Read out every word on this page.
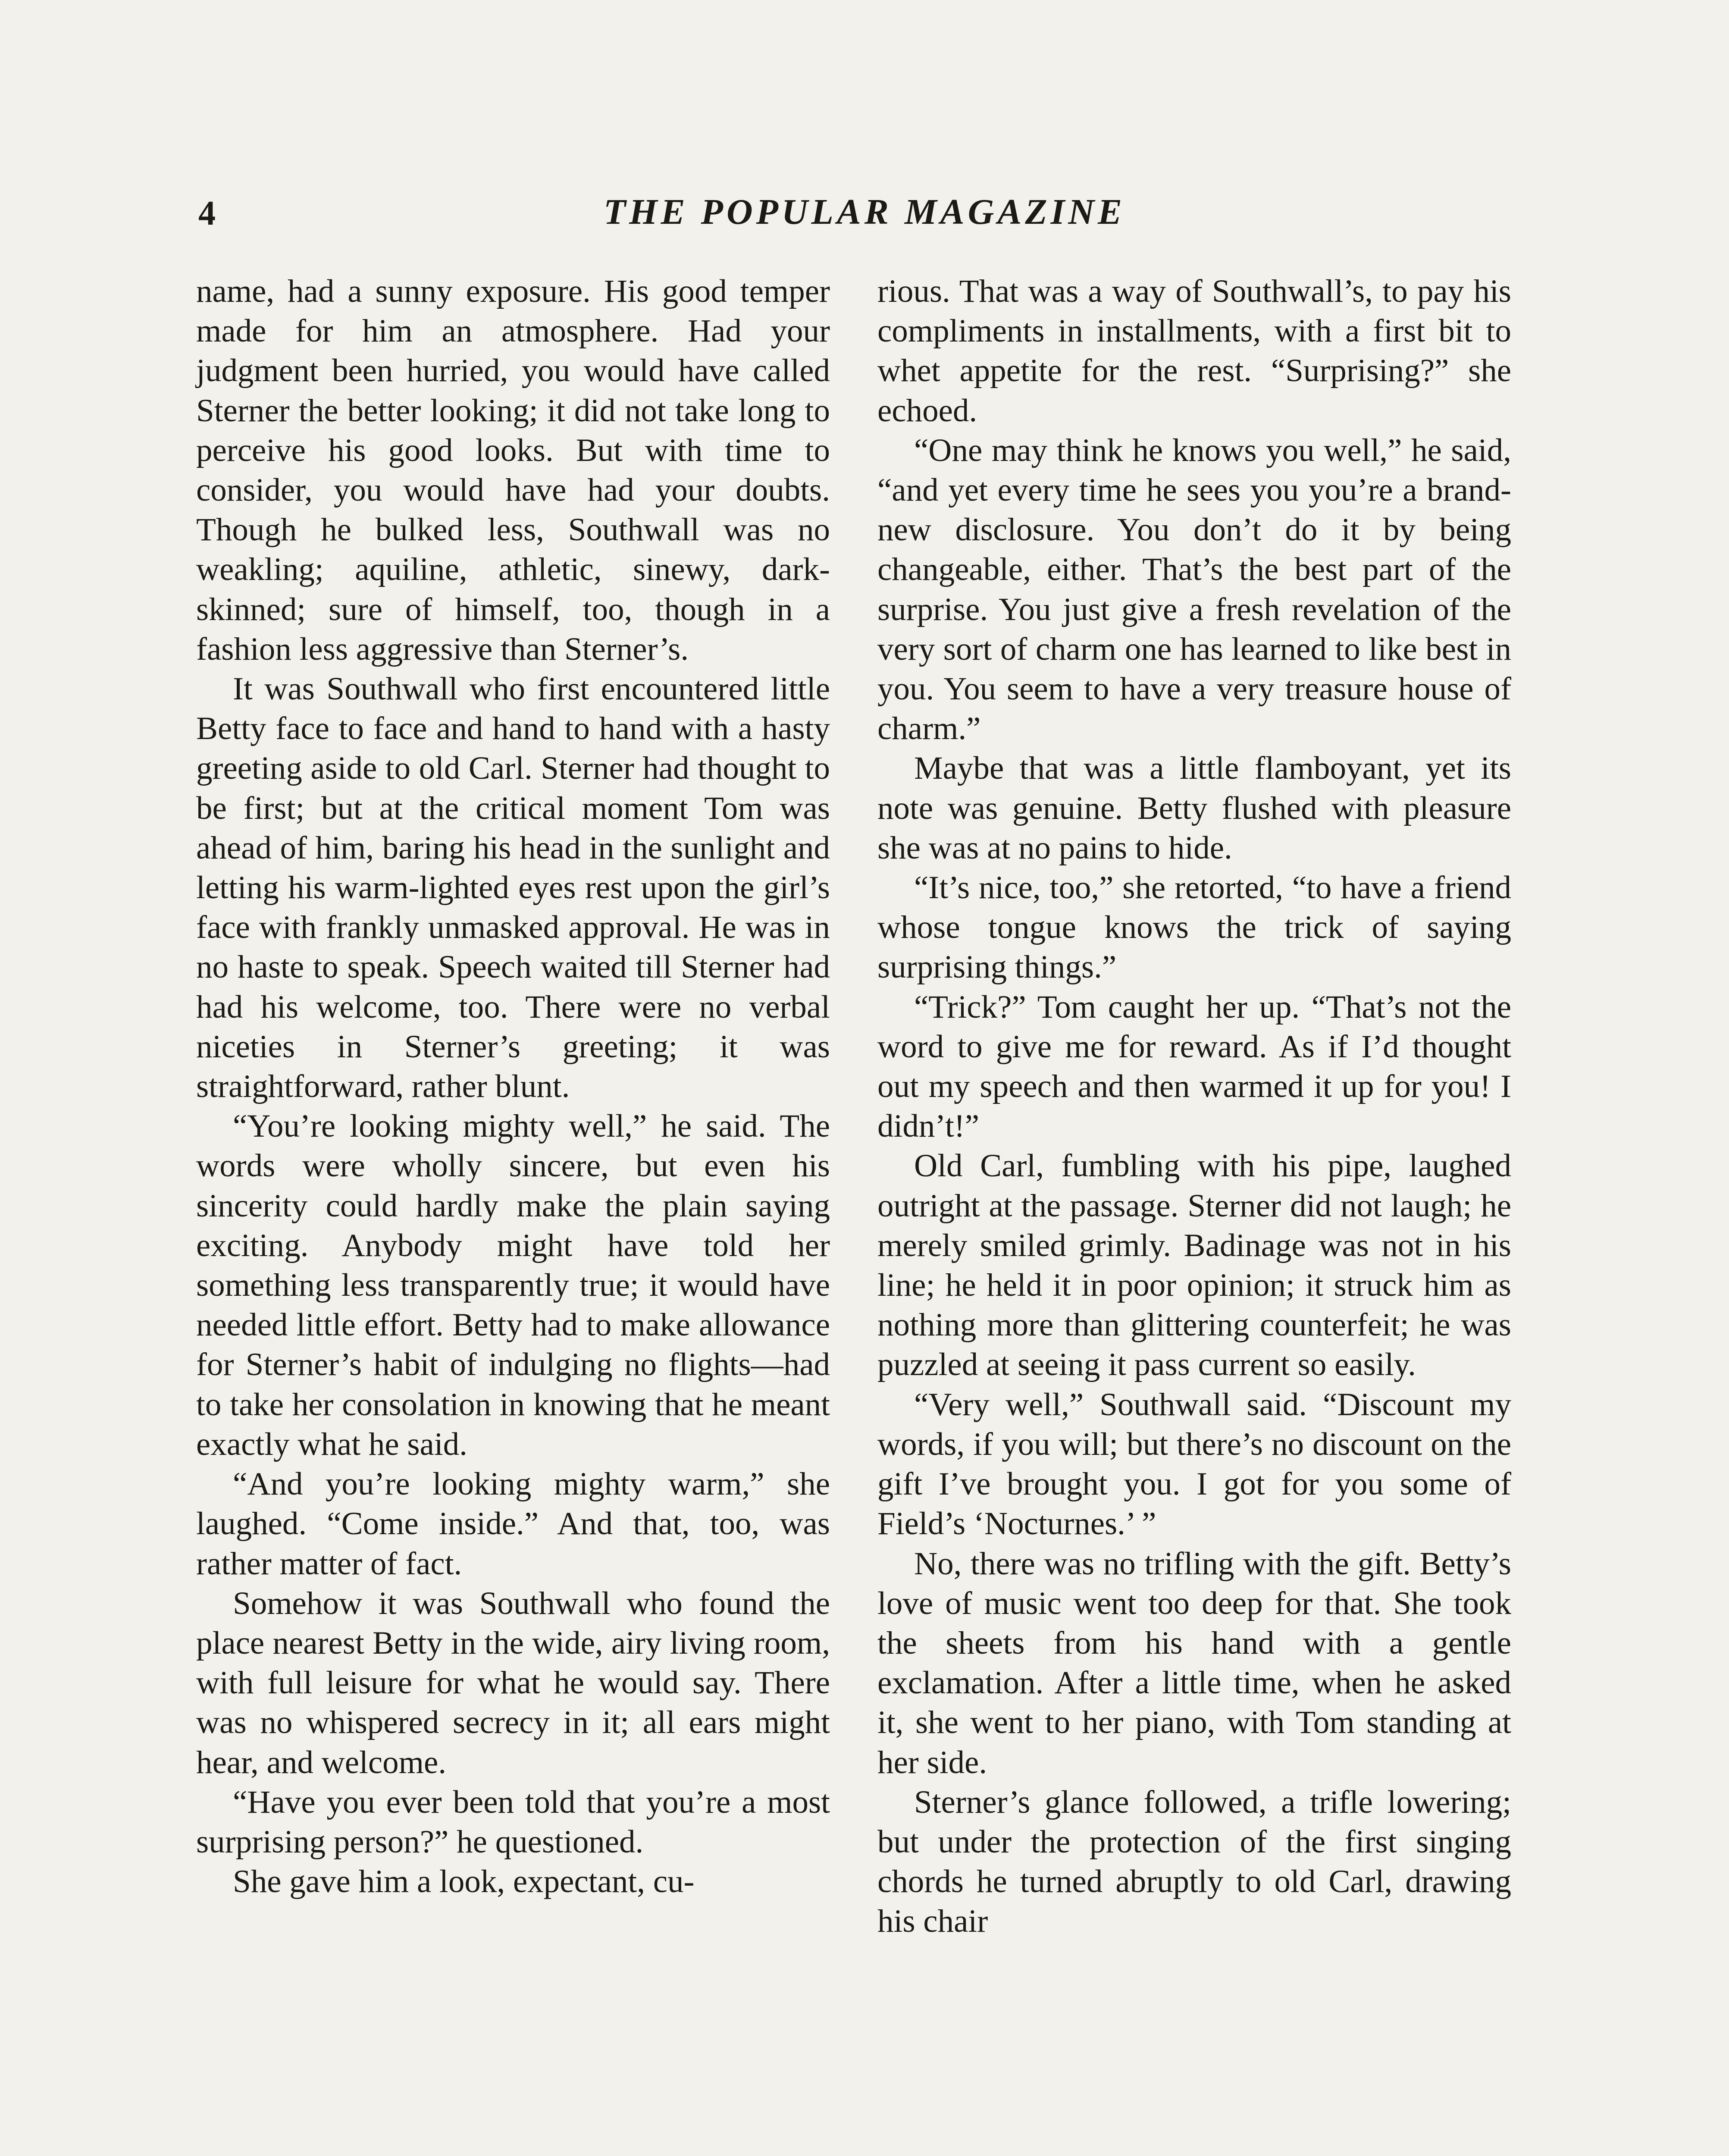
4	THE POPULAR MAGAZINE

name, had a sunny exposure. His good temper made for him an atmosphere. Had your judgment been hurried, you would have called Sterner the better looking; it did not take long to perceive his good looks. But with time to consider, you would have had your doubts. Though he bulked less, Southwall was no weakling; aquiline, athletic, sinewy, dark-skinned; sure of himself, too, though in a fashion less aggressive than Sterner’s.

It was Southwall who first encountered little Betty face to face and hand to hand with a hasty greeting aside to old Carl. Sterner had thought to be first; but at the critical moment Tom was ahead of him, baring his head in the sunlight and letting his warm-lighted eyes rest upon the girl’s face with frankly unmasked approval. He was in no haste to speak. Speech waited till Sterner had had his welcome, too. There were no verbal niceties in Sterner’s greeting; it was straightforward, rather blunt.

“You’re looking mighty well,” he said. The words were wholly sincere, but even his sincerity could hardly make the plain saying exciting. Anybody might have told her something less transparently true; it would have needed little effort. Betty had to make allowance for Sterner’s habit of indulging no flights—had to take her consolation in knowing that he meant exactly what he said.

“And you’re looking mighty warm,” she laughed. “Come inside.” And that, too, was rather matter of fact.

Somehow it was Southwall who found the place nearest Betty in the wide, airy living room, with full leisure for what he would say. There was no whispered secrecy in it; all ears might hear, and welcome.

“Have you ever been told that you’re a most surprising person?” he questioned.

She gave him a look, expectant, cu-

rious. That was a way of Southwall’s, to pay his compliments in installments, with a first bit to whet appetite for the rest. “Surprising?” she echoed.

“One may think he knows you well,” he said, “and yet every time he sees you you’re a brand-new disclosure. You don’t do it by being changeable, either. That’s the best part of the surprise. You just give a fresh revelation of the very sort of charm one has learned to like best in you. You seem to have a very treasure house of charm.”

Maybe that was a little flamboyant, yet its note was genuine. Betty flushed with pleasure she was at no pains to hide.

“It’s nice, too,” she retorted, “to have a friend whose tongue knows the trick of saying surprising things.”

“Trick?” Tom caught her up. “That’s not the word to give me for reward. As if I’d thought out my speech and then warmed it up for you! I didn’t!”

Old Carl, fumbling with his pipe, laughed outright at the passage. Sterner did not laugh; he merely smiled grimly. Badinage was not in his line; he held it in poor opinion; it struck him as nothing more than glittering counterfeit; he was puzzled at seeing it pass current so easily.

“Very well,” Southwall said. “Discount my words, if you will; but there’s no discount on the gift I’ve brought you. I got for you some of Field’s ‘Nocturnes.’ ”

No, there was no trifling with the gift. Betty’s love of music went too deep for that. She took the sheets from his hand with a gentle exclamation. After a little time, when he asked it, she went to her piano, with Tom standing at her side.

Sterner’s glance followed, a trifle lowering; but under the protection of the first singing chords he turned abruptly to old Carl, drawing his chair
